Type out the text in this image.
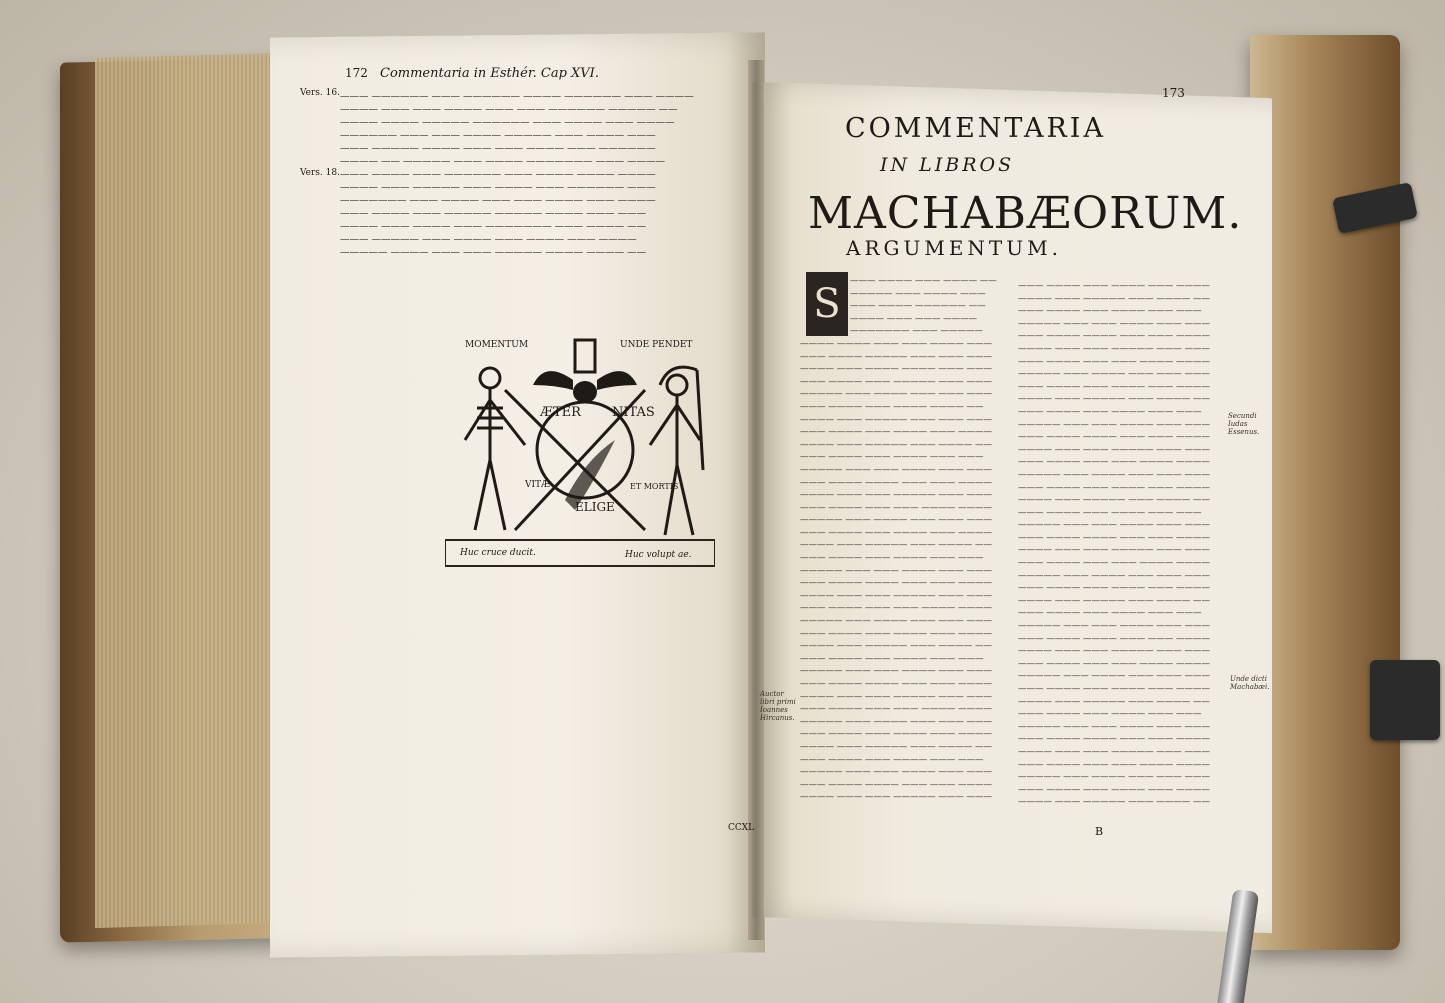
172 Commentaria in Esthér. Cap XVI.
Vers. 16.
Vers. 18.
——— —————— ——— —————— ———— —————— ——— ————
———— ——— ——— ———— ——— ——— —————— ————— ——
———— ———— ————— —————— ——— ———— ——— ————
—————— ——— ——— ———— ————— ——— ———— ———
——— ————— ———— ——— ——— ———— ——— ——————
———— —— ————— ——— ———— ——————— ——— ————
——— ———— ——— —————— ——— ———— ———— ————
———— ——— ————— ——— ———— ——— —————— ———
——————— ——— ———— ——— ——— ———— ——— ————
——— ———— ——— ————— ————— ———— ——— ———
———— ——— ———— ——— ——————— ——— ———— ——
——— ————— ——— ———— ——— ———— ——— ————
————— ———— ——— ——— ————— ———— ———— ——
MOMENTUM	UNDE PENDET
ÆTER NITAS
VITÆ
ELIGE
ET MORTIS
Huc cruce ducit.	Huc volupt ae.
CCXL
173
COMMENTARIA
IN LIBROS
MACHABÆORUM.
ARGUMENTUM.
S	——— ———— ——— ———— ——
————— ——— ———— ———
——— ———— —————— ——
———— ——— ——— ————
——————— ——— —————
———— ———— ——— ——— ———— ———
——— ———— ————— ——— ——— ———
———— ——— ———— ———— ——— ———
——— ———— ——— ————— ——— ———
————— ——— ———— ——— ——— ———
——— ———— ——— ———— ———— ——
———— ——— ————— ——— ——— ———
——— ———— ——— ———— ——— ————
———— ——— ————— ——— ———— ——
——— ———— ——— ———— ——— ———
————— ——— ——— ———— ——— ———
——— ———— ———— ——— ——— ————
———— ——— ——— ————— ——— ———
——— ———— ——— ——— ———— ————
————— ——— ———— ——— ——— ———
——— ———— ——— ———— ——— ————
———— ——— ————— ——— ———— ——
——— ———— ——— ———— ——— ———
————— ——— ——— ———— ——— ———
——— ———— ———— ——— ——— ————
———— ——— ——— ————— ——— ———
——— ———— ——— ——— ———— ————
————— ——— ———— ——— ——— ———
——— ———— ——— ———— ——— ————
———— ——— ————— ——— ———— ——
——— ———— ——— ———— ——— ———
————— ——— ——— ———— ——— ———
——— ———— ———— ——— ——— ————
———— ——— ——— ————— ——— ———
——— ———— ——— ——— ———— ————
————— ——— ———— ——— ——— ———
——— ———— ——— ———— ——— ————
———— ——— ————— ——— ———— ——
——— ———— ——— ———— ——— ———
————— ——— ——— ———— ——— ———
——— ———— ———— ——— ——— ————
———— ——— ——— ————— ——— ———
——— ———— ——— ———— ——— ————
———— ——— ————— ——— ———— ——
——— ———— ——— ———— ——— ———
————— ——— ——— ———— ——— ———
——— ———— ———— ——— ——— ————
———— ——— ——— ————— ——— ———
——— ———— ——— ——— ———— ————
————— ——— ———— ——— ——— ———
——— ———— ——— ———— ——— ————
———— ——— ————— ——— ———— ——
——— ———— ——— ———— ——— ———
————— ——— ——— ———— ——— ———
——— ———— ———— ——— ——— ————
———— ——— ——— ————— ——— ———
——— ———— ——— ——— ———— ————
————— ——— ———— ——— ——— ———
——— ———— ——— ———— ——— ————
———— ——— ————— ——— ———— ——
——— ———— ——— ———— ——— ———
————— ——— ——— ———— ——— ———
——— ———— ———— ——— ——— ————
———— ——— ——— ————— ——— ———
——— ———— ——— ——— ———— ————
————— ——— ———— ——— ——— ———
——— ———— ——— ———— ——— ————
———— ——— ————— ——— ———— ——
——— ———— ——— ———— ——— ———
————— ——— ——— ———— ——— ———
——— ———— ———— ——— ——— ————
———— ——— ——— ————— ——— ———
——— ———— ——— ——— ———— ————
————— ——— ———— ——— ——— ———
——— ———— ——— ———— ——— ————
———— ——— ————— ——— ———— ——
——— ———— ——— ———— ——— ———
————— ——— ——— ———— ——— ———
——— ———— ———— ——— ——— ————
———— ——— ——— ————— ——— ———
——— ———— ——— ——— ———— ————
————— ——— ———— ——— ——— ———
——— ———— ——— ———— ——— ————
———— ——— ————— ——— ———— ——
Auctor libri primi Ioannes Hircanus.
Unde dicti Machabæi.
Secundi Iudas Essenus.
B
